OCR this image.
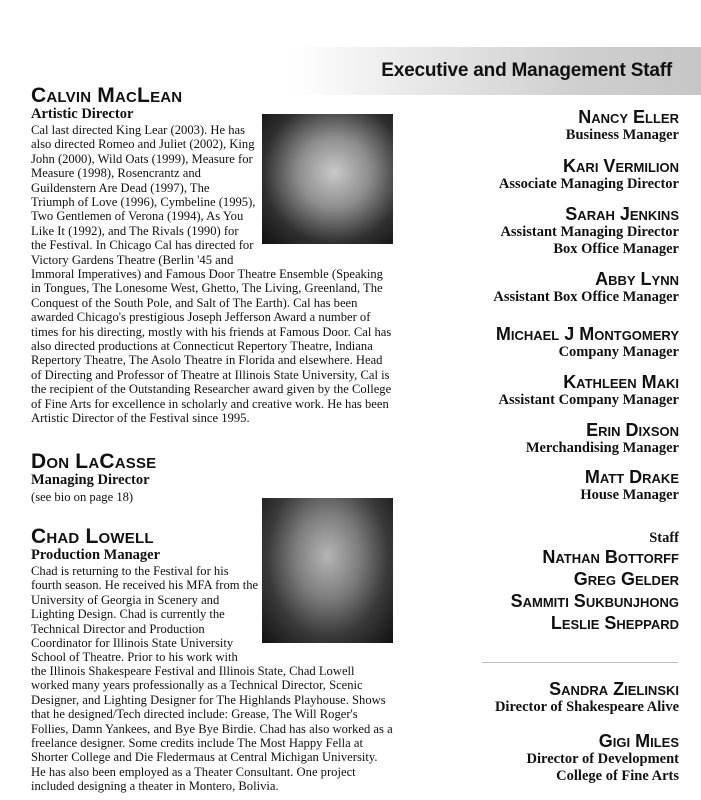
Executive and Management Staff
Calvin MacLean
Artistic Director
Cal last directed King Lear (2003). He has also directed Romeo and Juliet (2002), King John (2000), Wild Oats (1999), Measure for Measure (1998), Rosencrantz and Guildenstern Are Dead (1997), The Triumph of Love (1996), Cymbeline (1995), Two Gentlemen of Verona (1994), As You Like It (1992), and The Rivals (1990) for the Festival. In Chicago Cal has directed for Victory Gardens Theatre (Berlin '45 and
Immoral Imperatives) and Famous Door Theatre Ensemble (Speaking in Tongues, The Lonesome West, Ghetto, The Living, Greenland, The Conquest of the South Pole, and Salt of The Earth). Cal has been awarded Chicago's prestigious Joseph Jefferson Award a number of times for his directing, mostly with his friends at Famous Door. Cal has also directed productions at Connecticut Repertory Theatre, Indiana Repertory Theatre, The Asolo Theatre in Florida and elsewhere. Head of Directing and Professor of Theatre at Illinois State University, Cal is the recipient of the Outstanding Researcher award given by the College of Fine Arts for excellence in scholarly and creative work. He has been Artistic Director of the Festival since 1995.
Don LaCasse
Managing Director
(see bio on page 18)
Chad Lowell
Production Manager
Chad is returning to the Festival for his fourth season. He received his MFA from the University of Georgia in Scenery and Lighting Design. Chad is currently the Technical Director and Production Coordinator for Illinois State University School of Theatre. Prior to his work with
the Illinois Shakespeare Festival and Illinois State, Chad Lowell worked many years professionally as a Technical Director, Scenic Designer, and Lighting Designer for The Highlands Playhouse. Shows that he designed/Tech directed include: Grease, The Will Roger's Follies, Damn Yankees, and Bye Bye Birdie. Chad has also worked as a freelance designer. Some credits include The Most Happy Fella at Shorter College and Die Fledermaus at Central Michigan University. He has also been employed as a Theater Consultant. One project included designing a theater in Montero, Bolivia.
Nancy Eller
Business Manager
Kari Vermilion
Associate Managing Director
Sarah Jenkins
Assistant Managing Director
Box Office Manager
Abby Lynn
Assistant Box Office Manager
Michael J Montgomery
Company Manager
Kathleen Maki
Assistant Company Manager
Erin Dixson
Merchandising Manager
Matt Drake
House Manager
Staff
Nathan Bottorff
Greg Gelder
Sammiti Sukbunjhong
Leslie Sheppard
Sandra Zielinski
Director of Shakespeare Alive
Gigi Miles
Director of Development
College of Fine Arts
